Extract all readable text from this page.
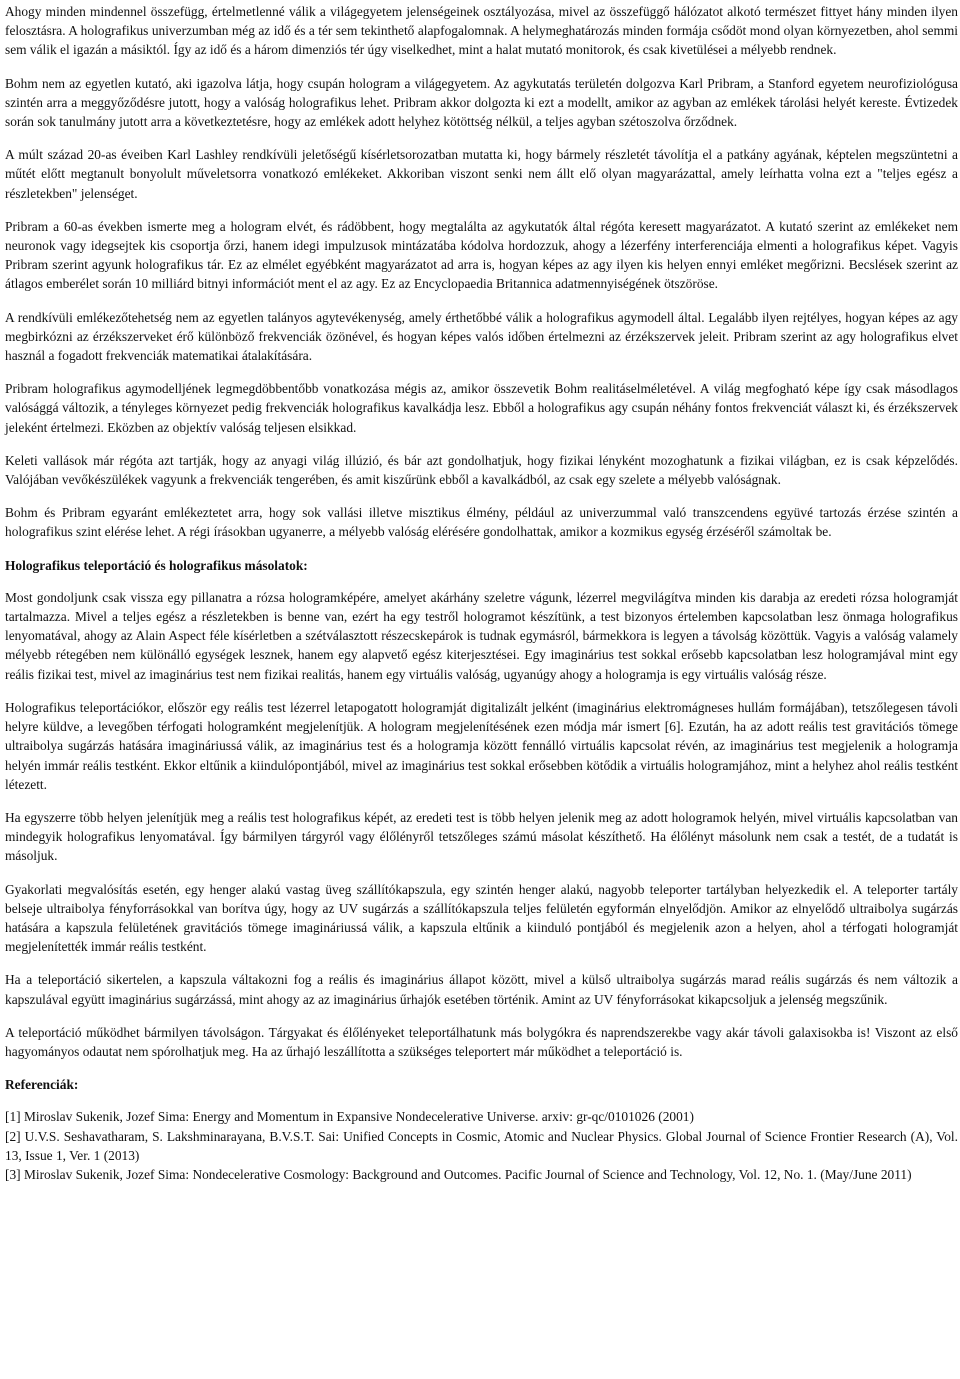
Ahogy minden mindennel összefügg, értelmetlenné válik a világegyetem jelenségeinek osztályozása, mivel az összefüggő hálózatot alkotó természet fittyet hány minden ilyen felosztásra. A holografikus univerzumban még az idő és a tér sem tekinthető alapfogalomnak. A helymeghatározás minden formája csődöt mond olyan környezetben, ahol semmi sem válik el igazán a másiktól. Így az idő és a három dimenziós tér úgy viselkedhet, mint a halat mutató monitorok, és csak kivetülései a mélyebb rendnek.

Bohm nem az egyetlen kutató, aki igazolva látja, hogy csupán hologram a világegyetem. Az agykutatás területén dolgozva Karl Pribram, a Stanford egyetem neurofiziológusa szintén arra a meggyőződésre jutott, hogy a valóság holografikus lehet. Pribram akkor dolgozta ki ezt a modellt, amikor az agyban az emlékek tárolási helyét kereste. Évtizedek során sok tanulmány jutott arra a következtetésre, hogy az emlékek adott helyhez kötöttség nélkül, a teljes agyban szétoszolva őrződnek.

A múlt század 20-as éveiben Karl Lashley rendkívüli jeletőségű kísérletsorozatban mutatta ki, hogy bármely részletét távolítja el a patkány agyának, képtelen megszüntetni a műtét előtt megtanult bonyolult műveletsorra vonatkozó emlékeket. Akkoriban viszont senki nem állt elő olyan magyarázattal, amely leírhatta volna ezt a "teljes egész a részletekben" jelenséget.

Pribram a 60-as években ismerte meg a hologram elvét, és rádöbbent, hogy megtalálta az agykutatók által régóta keresett magyarázatot. A kutató szerint az emlékeket nem neuronok vagy idegsejtek kis csoportja őrzi, hanem idegi impulzusok mintázatába kódolva hordozzuk, ahogy a lézerfény interferenciája elmenti a holografikus képet. Vagyis Pribram szerint agyunk holografikus tár. Ez az elmélet egyébként magyarázatot ad arra is, hogyan képes az agy ilyen kis helyen ennyi emléket megőrizni. Becslések szerint az átlagos emberélet során 10 milliárd bitnyi információt ment el az agy. Ez az Encyclopaedia Britannica adatmennyiségének ötszöröse.

A rendkívüli emlékezőtehetség nem az egyetlen talányos agytevékenység, amely érthetőbbé válik a holografikus agymodell által. Legalább ilyen rejtélyes, hogyan képes az agy megbirkózni az érzékszerveket érő különböző frekvenciák özönével, és hogyan képes valós időben értelmezni az érzékszervek jeleit. Pribram szerint az agy holografikus elvet használ a fogadott frekvenciák matematikai átalakítására.

Pribram holografikus agymodelljének legmegdöbbentőbb vonatkozása mégis az, amikor összevetik Bohm realitáselméletével. A világ megfogható képe így csak másodlagos valósággá változik, a tényleges környezet pedig frekvenciák holografikus kavalkádja lesz. Ebből a holografikus agy csupán néhány fontos frekvenciát választ ki, és érzékszervek jeleként értelmezi. Eközben az objektív valóság teljesen elsikkad.

Keleti vallások már régóta azt tartják, hogy az anyagi világ illúzió, és bár azt gondolhatjuk, hogy fizikai lényként mozoghatunk a fizikai világban, ez is csak képzelődés. Valójában vevőkészülékek vagyunk a frekvenciák tengerében, és amit kiszűrünk ebből a kavalkádból, az csak egy szelete a mélyebb valóságnak.

Bohm és Pribram egyaránt emlékeztetet arra, hogy sok vallási illetve misztikus élmény, például az univerzummal való transzcendens együvé tartozás érzése szintén a holografikus szint elérése lehet. A régi írásokban ugyanerre, a mélyebb valóság elérésére gondolhattak, amikor a kozmikus egység érzéséről számoltak be.

Holografikus teleportáció és holografikus másolatok:

Most gondoljunk csak vissza egy pillanatra a rózsa hologramképére, amelyet akárhány szeletre vágunk, lézerrel megvilágítva minden kis darabja az eredeti rózsa hologramját tartalmazza. Mivel a teljes egész a részletekben is benne van, ezért ha egy testről hologramot készítünk, a test bizonyos értelemben kapcsolatban lesz önmaga holografikus lenyomatával, ahogy az Alain Aspect féle kísérletben a szétválasztott részecskepárok is tudnak egymásról, bármekkora is legyen a távolság közöttük. Vagyis a valóság valamely mélyebb rétegében nem különálló egységek lesznek, hanem egy alapvető egész kiterjesztései. Egy imaginárius test sokkal erősebb kapcsolatban lesz hologramjával mint egy reális fizikai test, mivel az imaginárius test nem fizikai realitás, hanem egy virtuális valóság, ugyanúgy ahogy a hologramja is egy virtuális valóság része.

Holografikus teleportációkor, először egy reális test lézerrel letapogatott hologramját digitalizált jelként (imaginárius elektromágneses hullám formájában), tetszőlegesen távoli helyre küldve, a levegőben térfogati hologramként megjelenítjük. A hologram megjelenítésének ezen módja már ismert [6]. Ezután, ha az adott reális test gravitációs tömege ultraibolya sugárzás hatására imagináriussá válik, az imaginárius test és a hologramja között fennálló virtuális kapcsolat révén, az imaginárius test megjelenik a hologramja helyén immár reális testként. Ekkor eltűnik a kiindulópontjából, mivel az imaginárius test sokkal erősebben kötődik a virtuális hologramjához, mint a helyhez ahol reális testként létezett.

Ha egyszerre több helyen jelenítjük meg a reális test holografikus képét, az eredeti test is több helyen jelenik meg az adott hologramok helyén, mivel virtuális kapcsolatban van mindegyik holografikus lenyomatával. Így bármilyen tárgyról vagy élőlényről tetszőleges számú másolat készíthető. Ha élőlényt másolunk nem csak a testét, de a tudatát is másoljuk.

Gyakorlati megvalósítás esetén, egy henger alakú vastag üveg szállítókapszula, egy szintén henger alakú, nagyobb teleporter tartályban helyezkedik el. A teleporter tartály belseje ultraibolya fényforrásokkal van borítva úgy, hogy az UV sugárzás a szállítókapszula teljes felületén egyformán elnyelődjön. Amikor az elnyelődő ultraibolya sugárzás hatására a kapszula felületének gravitációs tömege imagináriussá válik, a kapszula eltűnik a kiinduló pontjából és megjelenik azon a helyen, ahol a térfogati hologramját megjelenítették immár reális testként.

Ha a teleportáció sikertelen, a kapszula váltakozni fog a reális és imaginárius állapot között, mivel a külső ultraibolya sugárzás marad reális sugárzás és nem változik a kapszulával együtt imaginárius sugárzássá, mint ahogy az az imaginárius űrhajók esetében történik. Amint az UV fényforrásokat kikapcsoljuk a jelenség megszűnik.

A teleportáció működhet bármilyen távolságon. Tárgyakat és élőlényeket teleportálhatunk más bolygókra és naprendszerekbe vagy akár távoli galaxisokba is! Viszont az első hagyományos odautat nem spórolhatjuk meg. Ha az űrhajó leszállította a szükséges teleportert már működhet a teleportáció is.

Referenciák:

[1] Miroslav Sukenik, Jozef Sima: Energy and Momentum in Expansive Nondecelerative Universe. arxiv: gr-qc/0101026 (2001)

[2] U.V.S. Seshavatharam, S. Lakshminarayana, B.V.S.T. Sai: Unified Concepts in Cosmic, Atomic and Nuclear Physics. Global Journal of Science Frontier Research (A), Vol. 13, Issue 1, Ver. 1 (2013)

[3] Miroslav Sukenik, Jozef Sima: Nondecelerative Cosmology: Background and Outcomes. Pacific Journal of Science and Technology, Vol. 12, No. 1. (May/June 2011)
